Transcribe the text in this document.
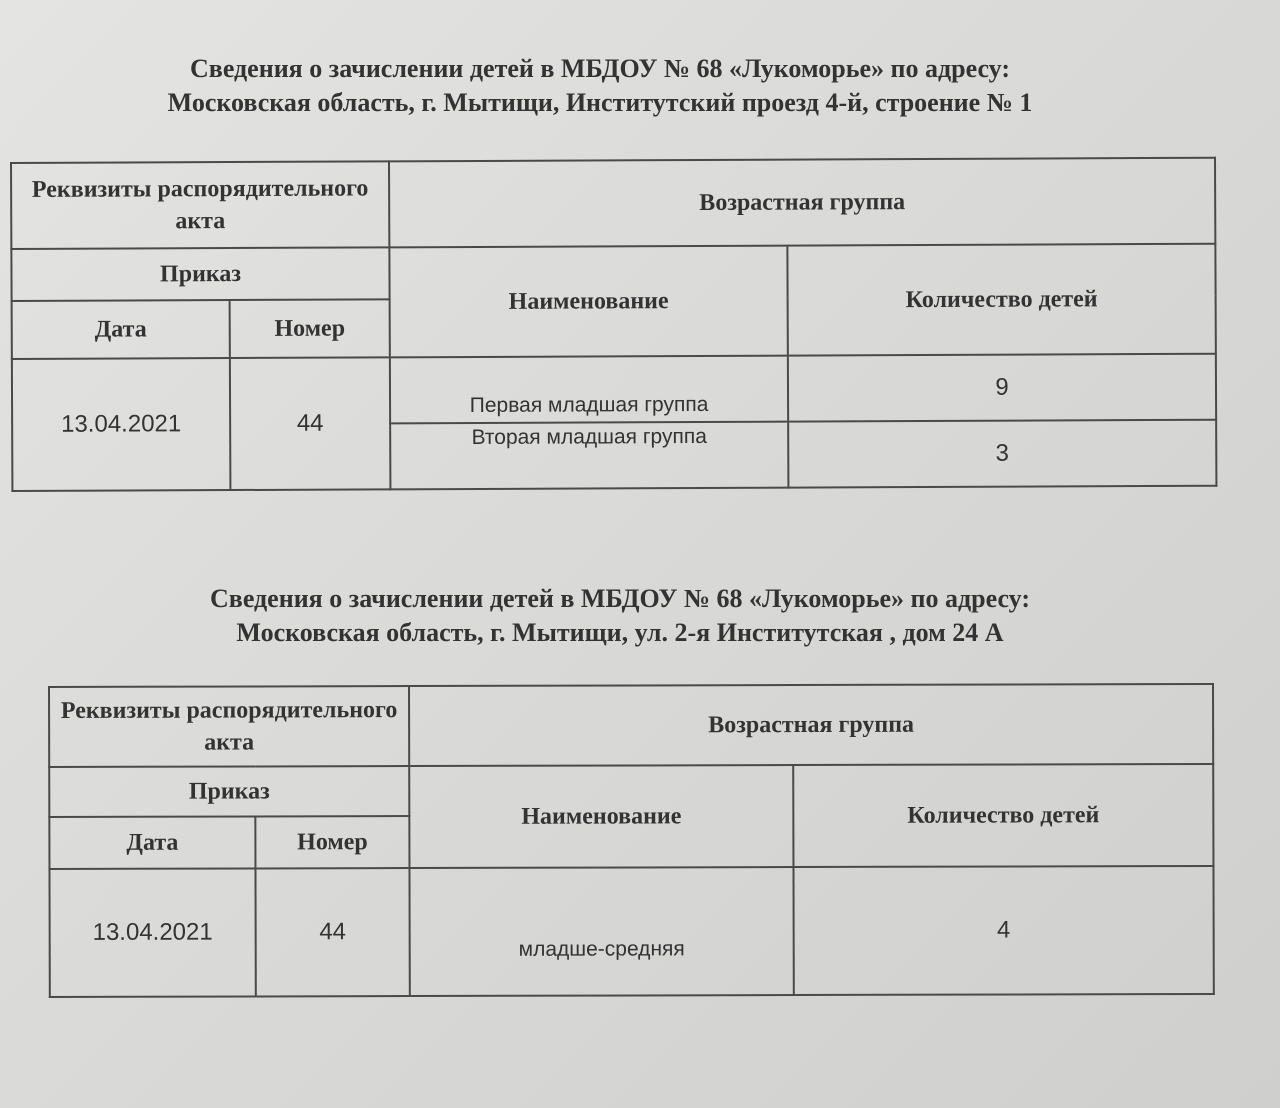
Сведения о зачислении детей в МБДОУ № 68 «Лукоморье» по адресу:
Московская область, г. Мытищи, Институтский проезд 4-й, строение № 1
Реквизиты распорядительного акта		Возрастная группа	
Приказ		Наименование	Количество детей
Дата	Номер		
13.04.2021	44	Первая младшая группа	9
		Вторая младшая группа	3
Сведения о зачислении детей в МБДОУ № 68 «Лукоморье» по адресу:
Московская область, г. Мытищи, ул. 2-я Институтская , дом 24 А
Реквизиты распорядительного акта		Возрастная группа	
Приказ		Наименование	Количество детей
Дата	Номер		
13.04.2021	44	младше-средняя	4
